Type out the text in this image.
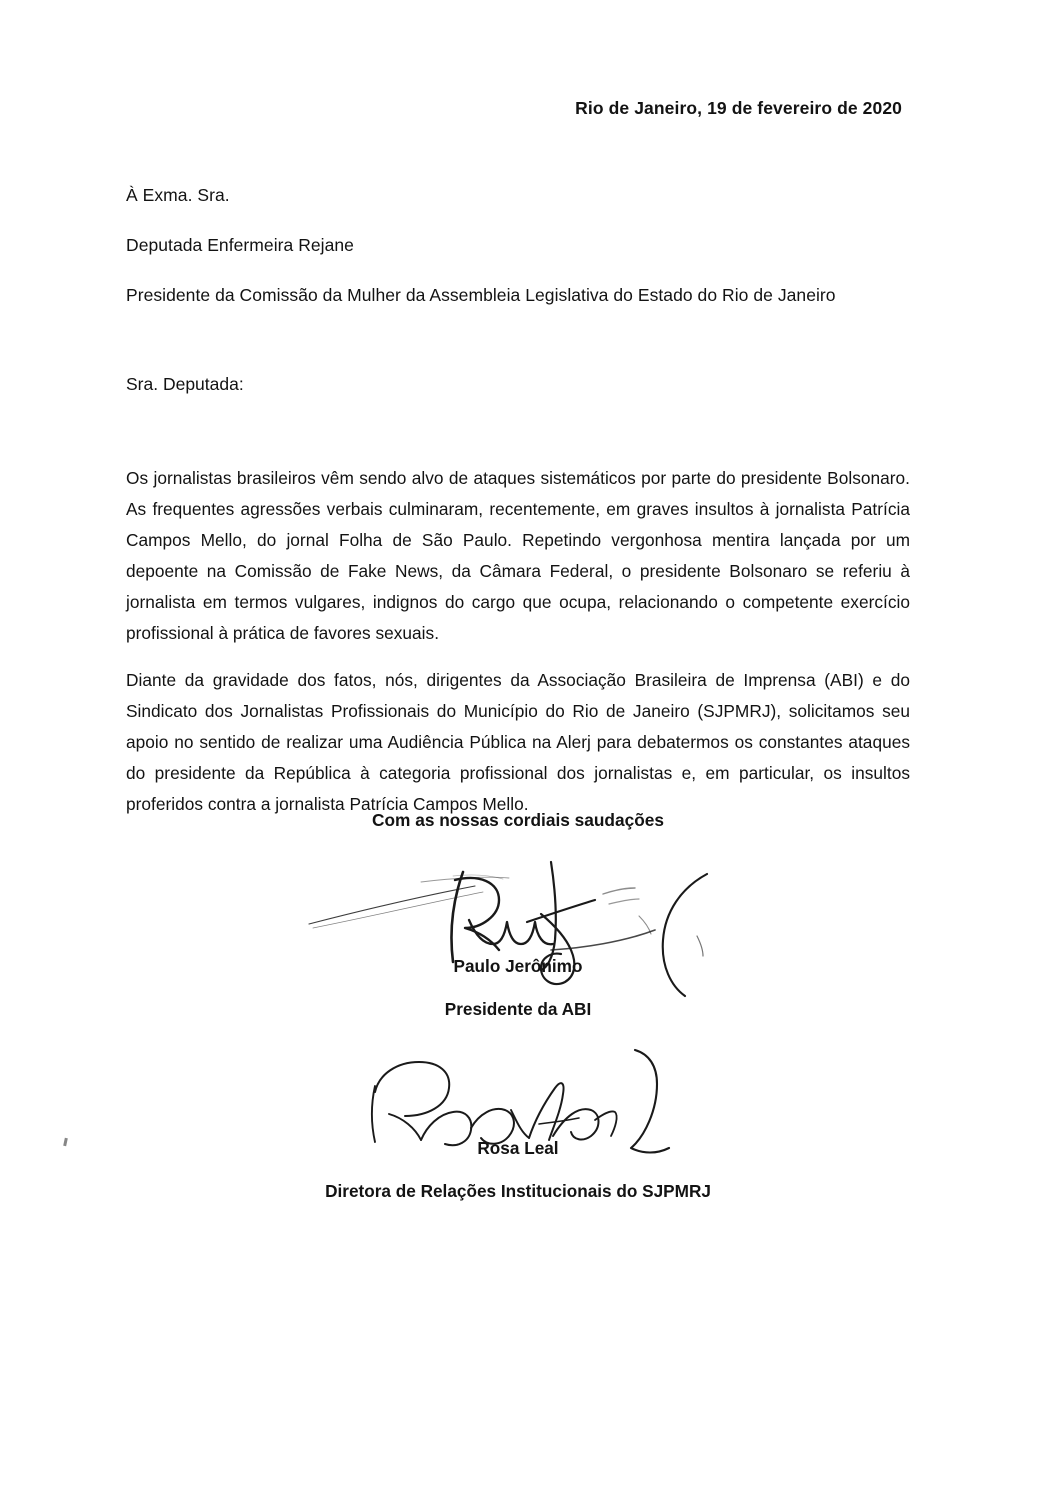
Rio de Janeiro, 19 de fevereiro de 2020
À Exma. Sra.
Deputada Enfermeira Rejane
Presidente da Comissão da Mulher da Assembleia Legislativa do Estado do Rio de Janeiro
Sra. Deputada:

Os jornalistas brasileiros vêm sendo alvo de ataques sistemáticos por parte do presidente Bolsonaro. As frequentes agressões verbais culminaram, recentemente, em graves insultos à jornalista Patrícia Campos Mello, do jornal Folha de São Paulo. Repetindo vergonhosa mentira lançada por um depoente na Comissão de Fake News, da Câmara Federal, o presidente Bolsonaro se referiu à jornalista em termos vulgares, indignos do cargo que ocupa, relacionando o competente exercício profissional à prática de favores sexuais.

Diante da gravidade dos fatos, nós, dirigentes da Associação Brasileira de Imprensa (ABI) e do Sindicato dos Jornalistas Profissionais do Município do Rio de Janeiro (SJPMRJ), solicitamos seu apoio no sentido de realizar uma Audiência Pública na Alerj para debatermos os constantes ataques do presidente da República à categoria profissional dos jornalistas e, em particular, os insultos proferidos contra a jornalista Patrícia Campos Mello.

Com as nossas cordiais saudações
Paulo Jerônimo
Presidente da ABI
Rosa Leal
Diretora de Relações Institucionais do SJPMRJ
